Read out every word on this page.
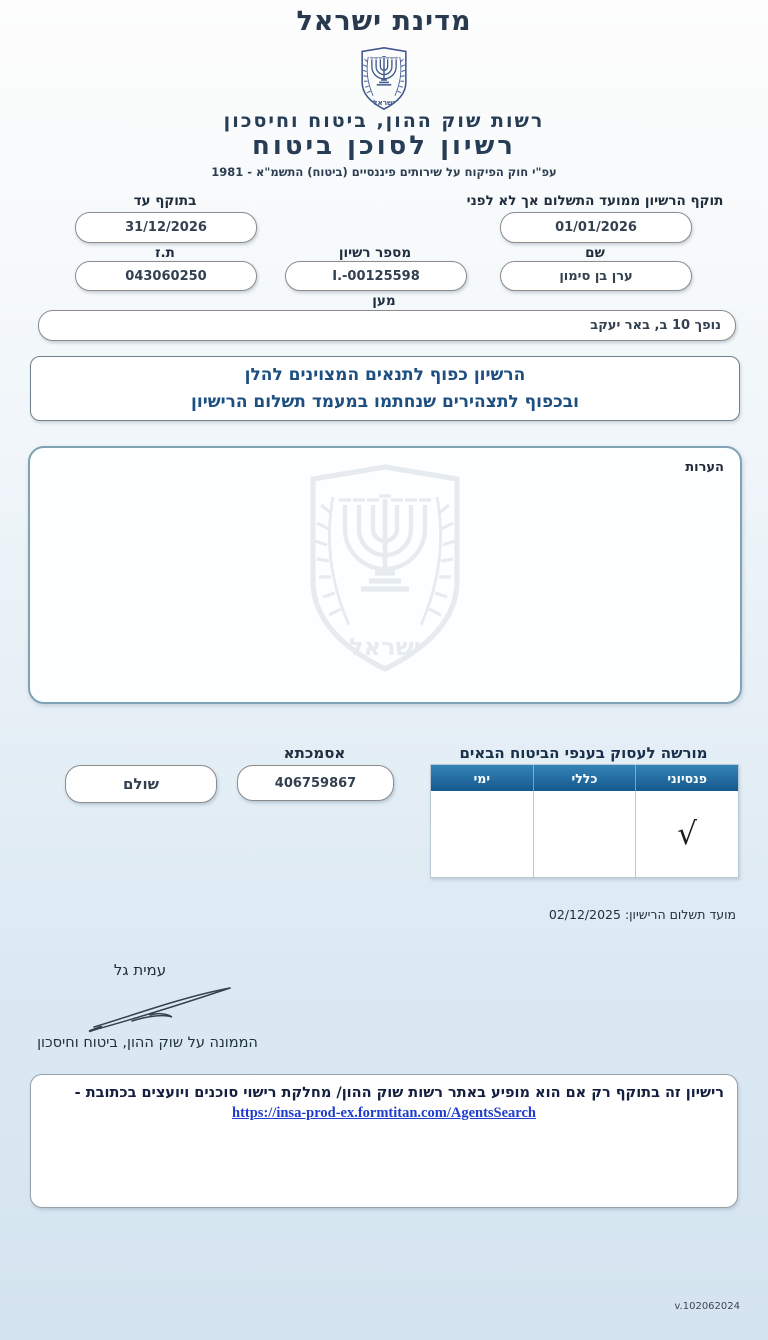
מדינת ישראל
רשות שוק ההון, ביטוח וחיסכון
רשיון לסוכן ביטוח
עפ"י חוק הפיקוח על שירותים פיננסיים (ביטוח) התשמ"א - 1981
תוקף הרשיון ממועד התשלום אך לא לפני
01/01/2026
בתוקף עד
31/12/2026
שם
ערן בן סימון
מספר רשיון
I.-00125598
ת.ז
043060250
מען
נופך 10 ב, באר יעקב
הרשיון כפוף לתנאים המצוינים להלן
ובכפוף לתצהירים שנחתמו במעמד תשלום הרישיון
הערות
מורשה לעסוק בענפי הביטוח הבאים
פנסיוני
כללי
ימי
√
אסמכתא
406759867
שולם
מועד תשלום הרישיון: 02/12/2025
עמית גל
הממונה על שוק ההון, ביטוח וחיסכון
רישיון זה בתוקף רק אם הוא מופיע באתר רשות שוק ההון/ מחלקת רישוי סוכנים ויועצים בכתובת -
https://insa-prod-ex.formtitan.com/AgentsSearch
v.102062024
